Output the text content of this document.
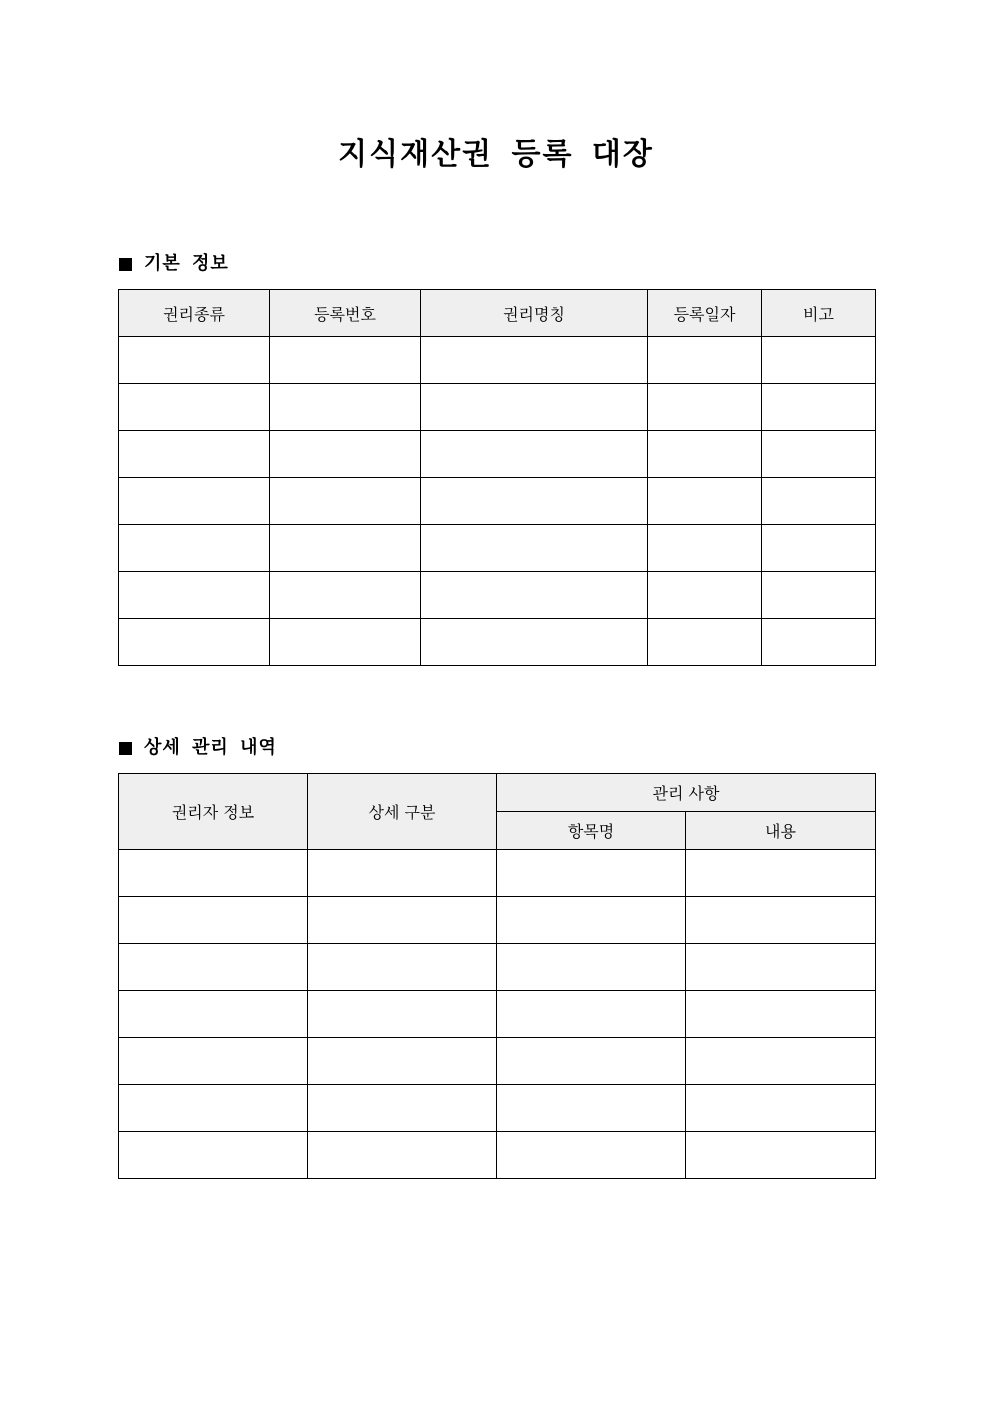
지식재산권 등록 대장
기본 정보
권리종류	등록번호	권리명칭	등록일자	비고

상세 관리 내역
권리자 정보	상세 구분	관리 사항	
		항목명	내용
